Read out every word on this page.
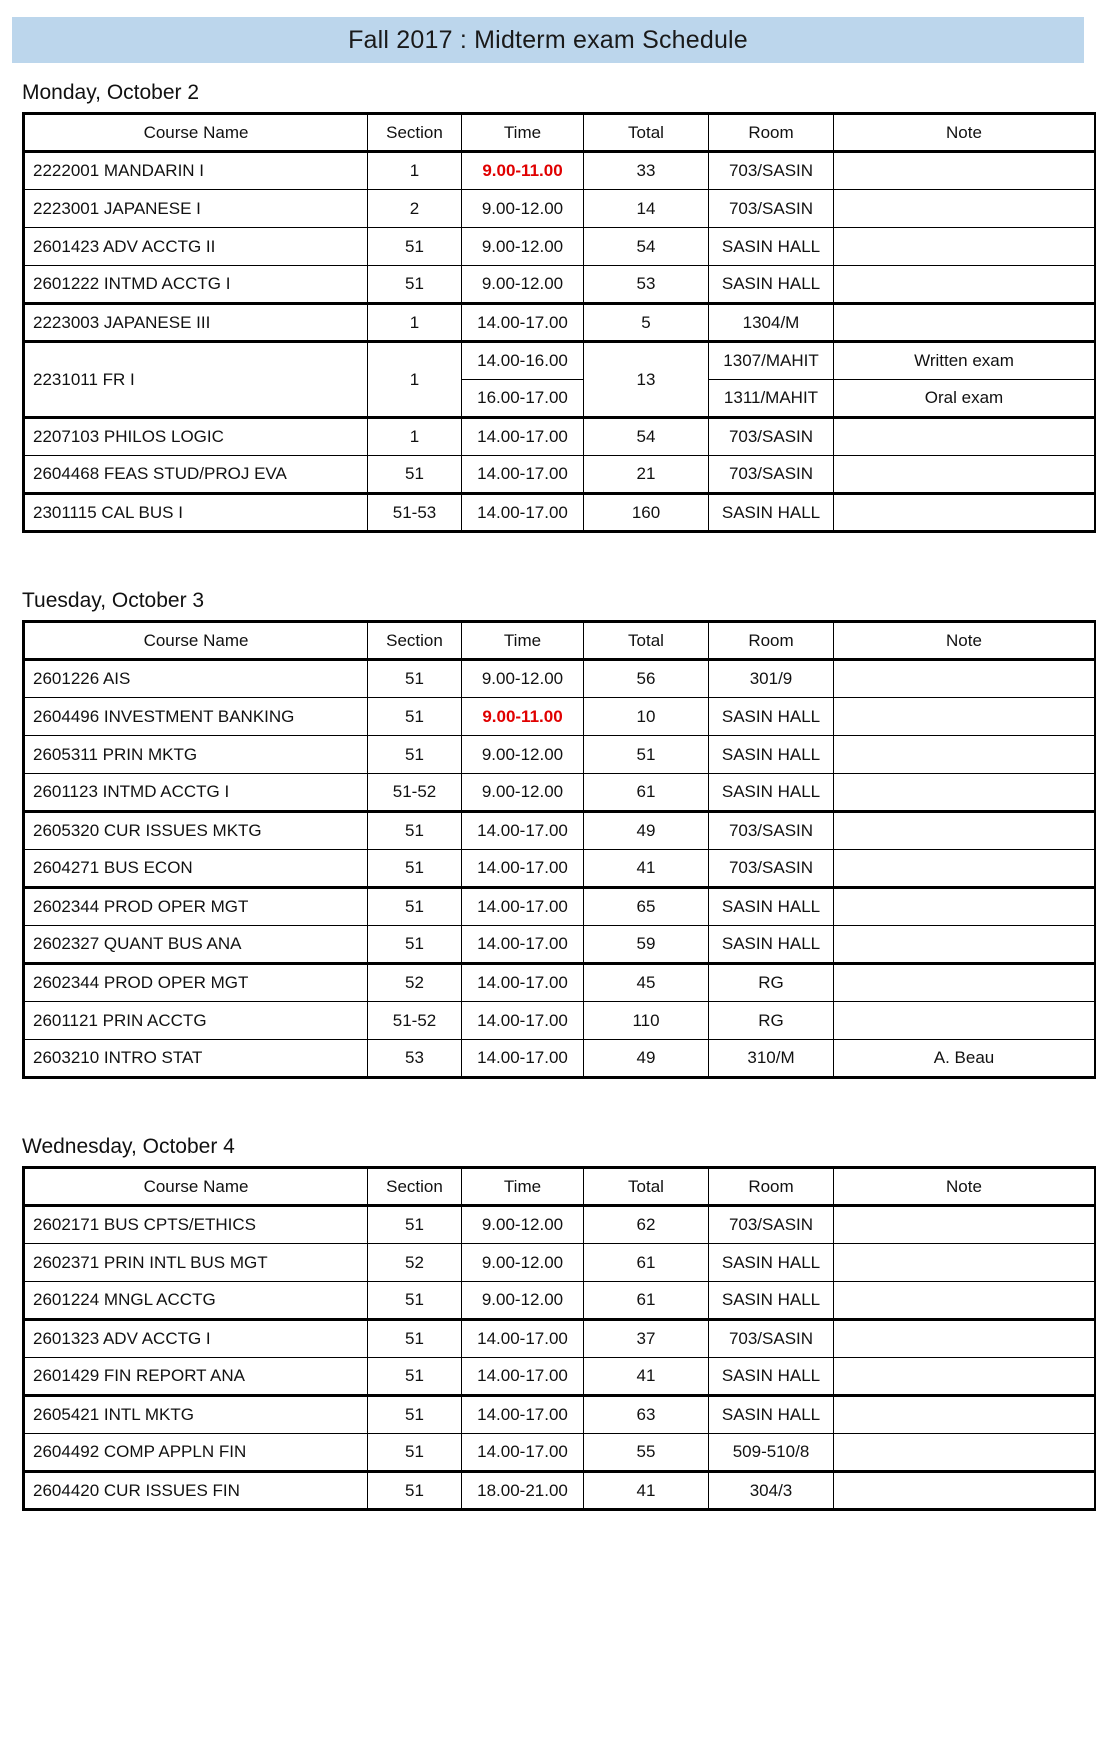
Fall 2017 : Midterm exam Schedule
Monday, October 2
Course Name	Section	Time	Total	Room	Note
2222001 MANDARIN I	1	9.00-11.00	33	703/SASIN	
2223001 JAPANESE I	2	9.00-12.00	14	703/SASIN	
2601423 ADV ACCTG II	51	9.00-12.00	54	SASIN HALL	
2601222 INTMD ACCTG I	51	9.00-12.00	53	SASIN HALL	
2223003 JAPANESE III	1	14.00-17.00	5	1304/M	
2231011 FR I	1	14.00-16.00	13	1307/MAHIT	Written exam
		16.00-17.00		1311/MAHIT	Oral exam
2207103 PHILOS LOGIC	1	14.00-17.00	54	703/SASIN	
2604468 FEAS STUD/PROJ EVA	51	14.00-17.00	21	703/SASIN	
2301115 CAL BUS I	51-53	14.00-17.00	160	SASIN HALL	
Tuesday, October 3
Course Name	Section	Time	Total	Room	Note
2601226 AIS	51	9.00-12.00	56	301/9	
2604496 INVESTMENT BANKING	51	9.00-11.00	10	SASIN HALL	
2605311 PRIN MKTG	51	9.00-12.00	51	SASIN HALL	
2601123 INTMD ACCTG I	51-52	9.00-12.00	61	SASIN HALL	
2605320 CUR ISSUES MKTG	51	14.00-17.00	49	703/SASIN	
2604271 BUS ECON	51	14.00-17.00	41	703/SASIN	
2602344 PROD OPER MGT	51	14.00-17.00	65	SASIN HALL	
2602327 QUANT BUS ANA	51	14.00-17.00	59	SASIN HALL	
2602344 PROD OPER MGT	52	14.00-17.00	45	RG	
2601121 PRIN ACCTG	51-52	14.00-17.00	110	RG	
2603210 INTRO STAT	53	14.00-17.00	49	310/M	A. Beau
Wednesday, October 4
Course Name	Section	Time	Total	Room	Note
2602171 BUS CPTS/ETHICS	51	9.00-12.00	62	703/SASIN	
2602371 PRIN INTL BUS MGT	52	9.00-12.00	61	SASIN HALL	
2601224 MNGL ACCTG	51	9.00-12.00	61	SASIN HALL	
2601323 ADV ACCTG I	51	14.00-17.00	37	703/SASIN	
2601429 FIN REPORT ANA	51	14.00-17.00	41	SASIN HALL	
2605421 INTL MKTG	51	14.00-17.00	63	SASIN HALL	
2604492 COMP APPLN FIN	51	14.00-17.00	55	509-510/8	
2604420 CUR ISSUES FIN	51	18.00-21.00	41	304/3	
